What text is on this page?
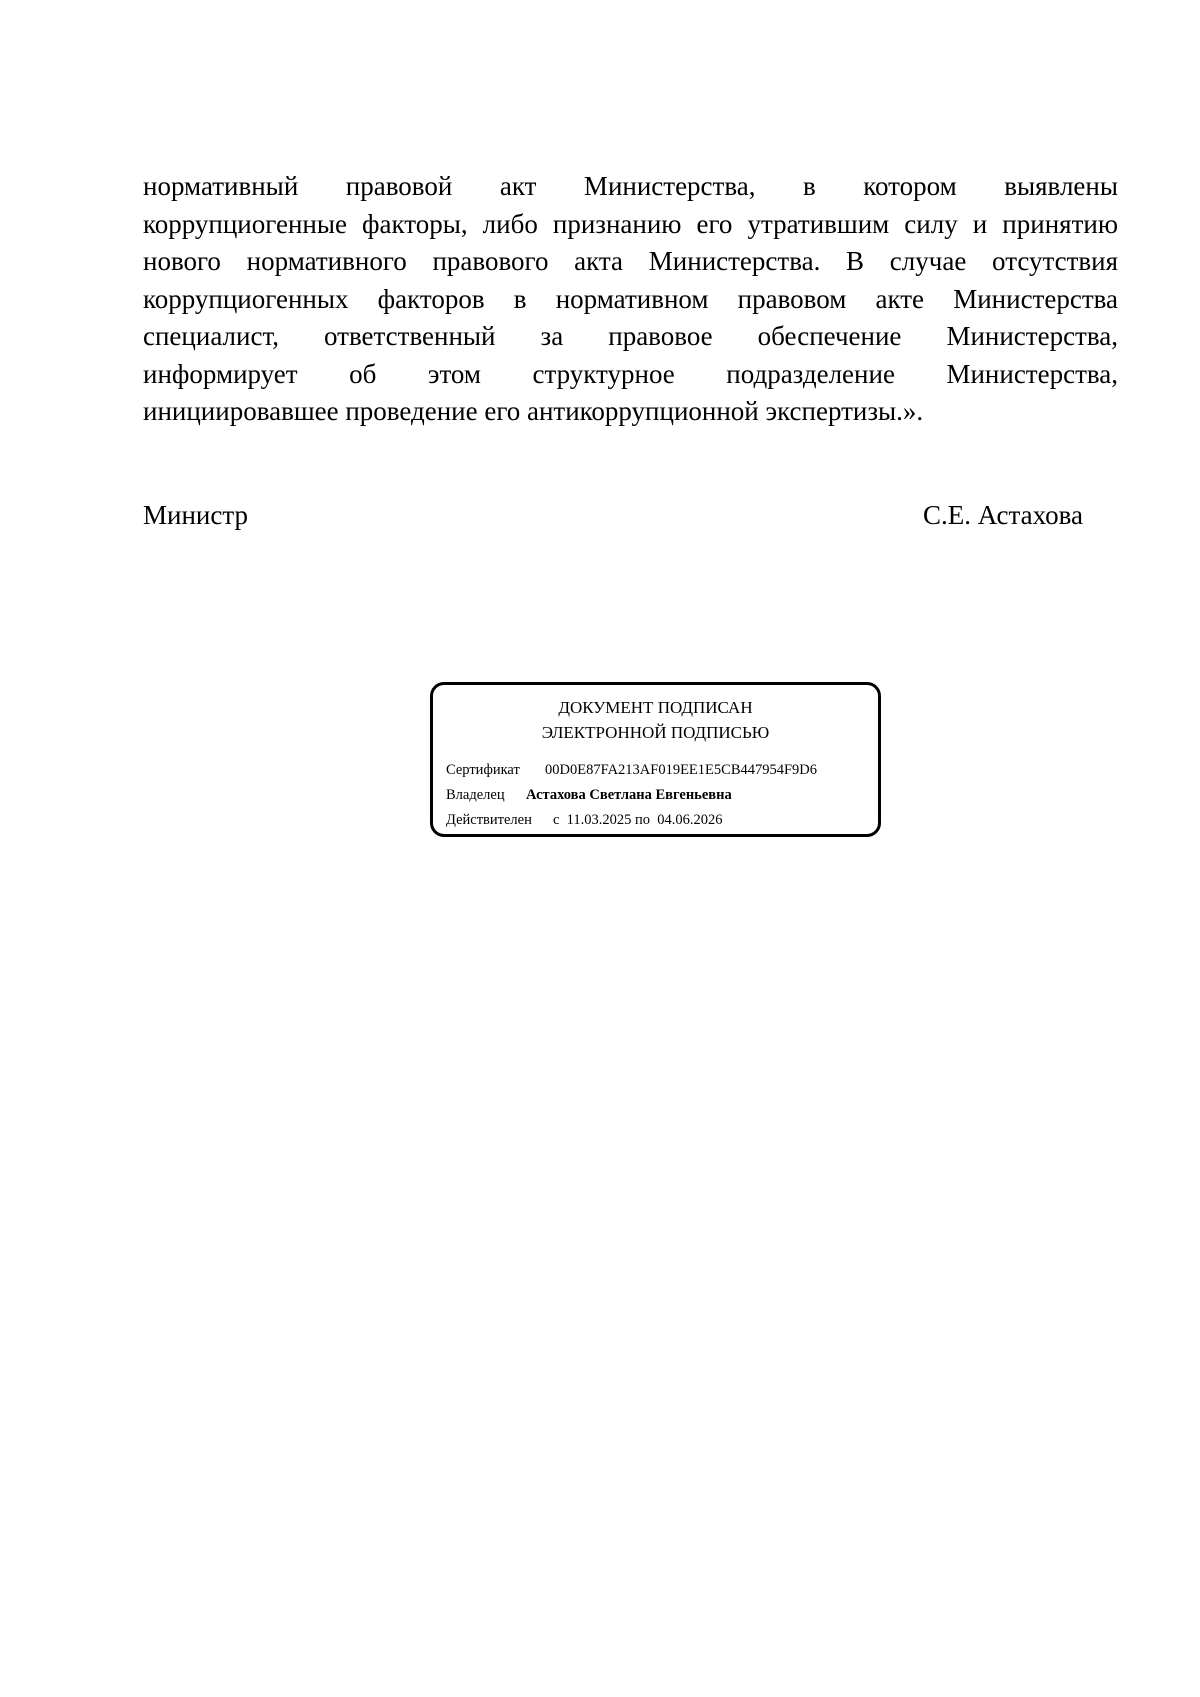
нормативный правовой акт Министерства, в котором выявлены
коррупциогенные факторы, либо признанию его утратившим силу и принятию
нового нормативного правового акта Министерства. В случае отсутствия
коррупциогенных факторов в нормативном правовом акте Министерства
специалист, ответственный за правовое обеспечение Министерства,
информирует об этом структурное подразделение Министерства,
инициировавшее проведение его антикоррупционной экспертизы.».
Министр	С.Е. Астахова
ДОКУМЕНТ ПОДПИСАН
ЭЛЕКТРОННОЙ ПОДПИСЬЮ
Сертификат 00D0E87FA213AF019EE1E5CB447954F9D6
Владелец Астахова Светлана Евгеньевна
Действителен с  11.03.2025 по  04.06.2026
